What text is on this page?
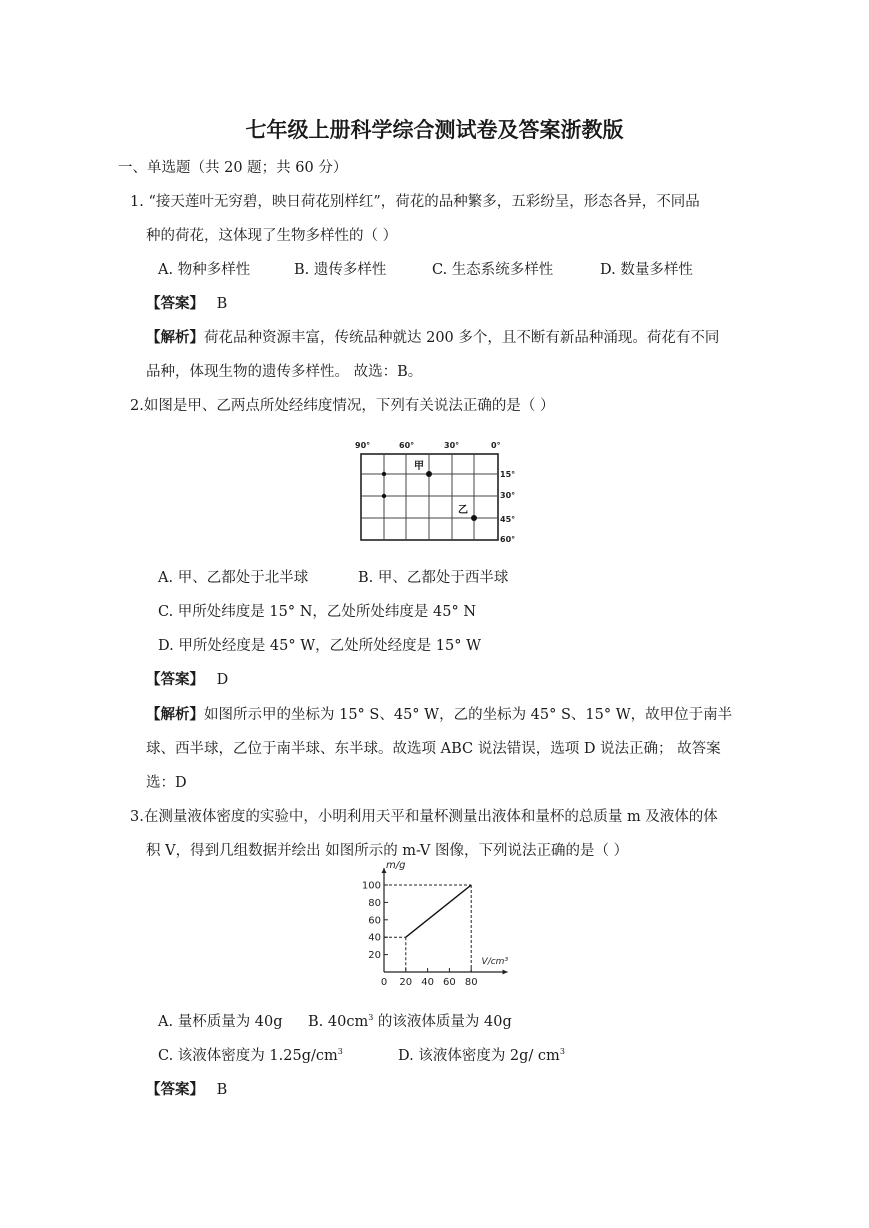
七年级上册科学综合测试卷及答案浙教版
一、单选题（共 20 题；共 60 分）
1. “接天莲叶无穷碧，映日荷花别样红”，荷花的品种繁多，五彩纷呈，形态各异，不同品
种的荷花，这体现了生物多样性的（ ）
A. 物种多样性	B. 遗传多样性	C. 生态系统多样性	D. 数量多样性
【答案】 B
【解析】荷花品种资源丰富，传统品种就达 200 多个，且不断有新品种涌现。荷花有不同
品种，体现生物的遗传多样性。 故选：B。
2.如图是甲、乙两点所处经纬度情况，下列有关说法正确的是（ ）
90°	60°	30°	0°
15°
30°
45°
60°
甲
乙
A. 甲、乙都处于北半球	B. 甲、乙都处于西半球
C. 甲所处纬度是 15° N，乙处所处纬度是 45° N
D. 甲所处经度是 45° W，乙处所处经度是 15° W
【答案】 D
【解析】如图所示甲的坐标为 15° S、45° W，乙的坐标为 45° S、15° W，故甲位于南半
球、西半球，乙位于南半球、东半球。故选项 ABC 说法错误，选项 D 说法正确； 故答案
选：D
3.在测量液体密度的实验中，小明利用天平和量杯测量出液体和量杯的总质量 m 及液体的体
积 V，得到几组数据并绘出 如图所示的 m-V 图像，下列说法正确的是（ ）
0 20 40 60 80
20
40
60
80
100
m/g
V/cm³
A. 量杯质量为 40g B. $40cm^3$ 的该液体质量为 40g
C. 该液体密度为 $1.25g/cm^3$	D. 该液体密度为 2g/ $cm^3$
【答案】 B
